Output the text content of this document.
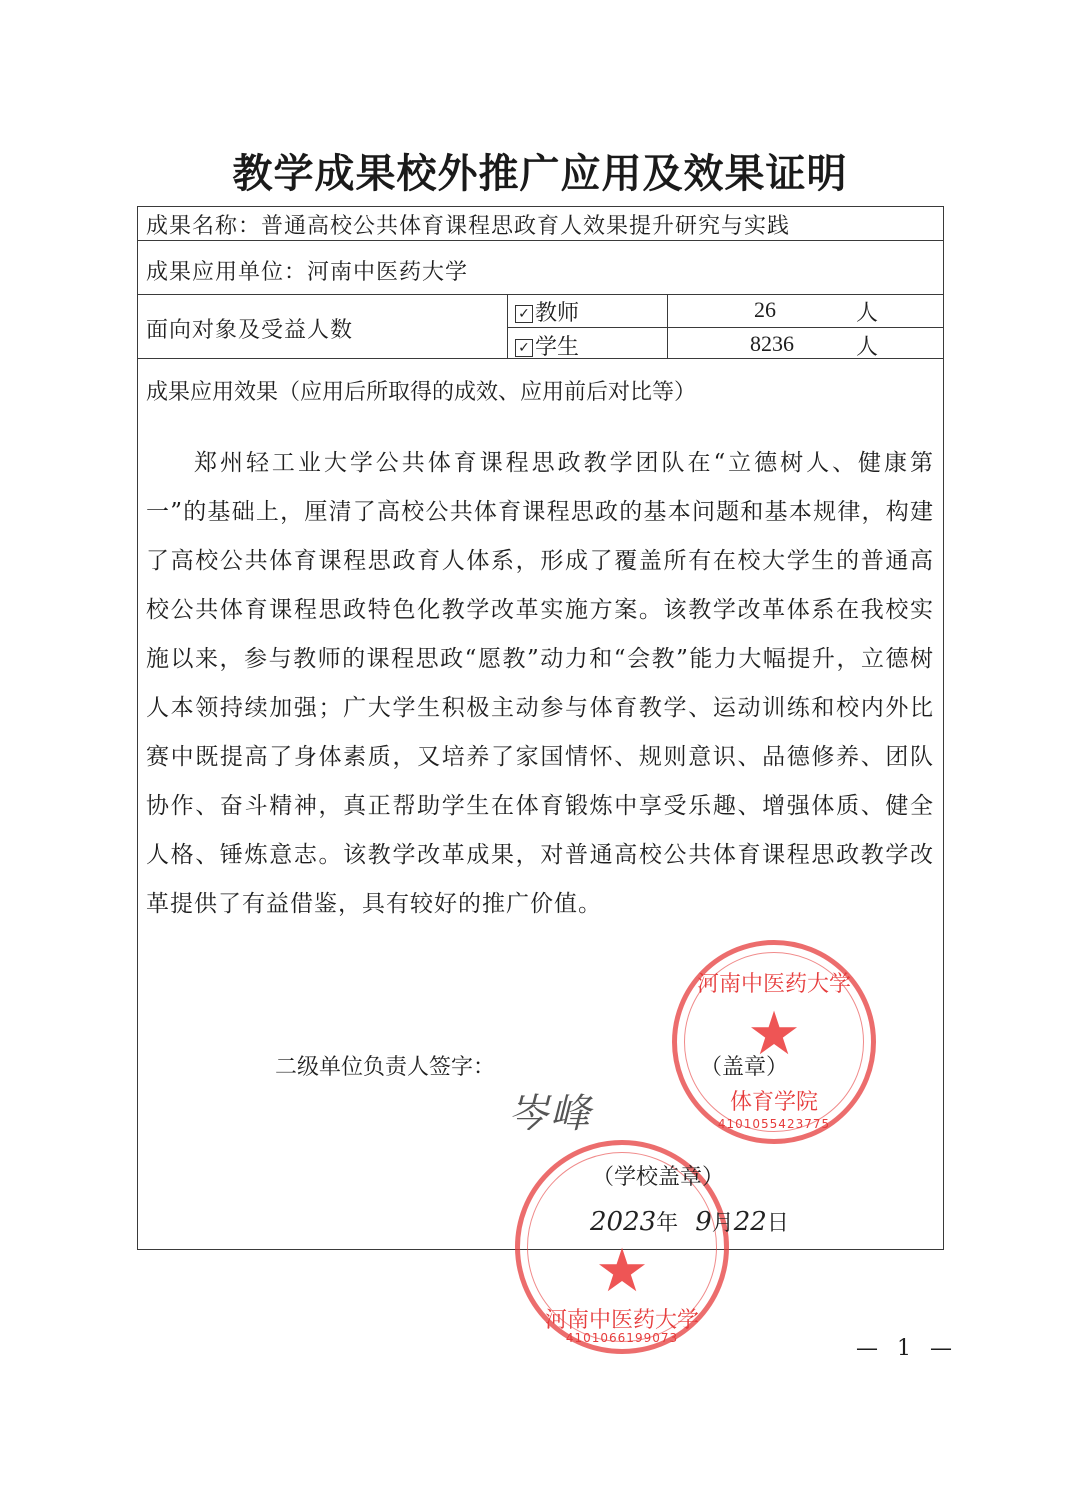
教学成果校外推广应用及效果证明
成果名称：普通高校公共体育课程思政育人效果提升研究与实践
成果应用单位：河南中医药大学
面向对象及受益人数
✓ 教师	26	人
✓ 学生	8236	人
成果应用效果（应用后所取得的成效、应用前后对比等）
郑州轻工业大学公共体育课程思政教学团队在“立德树人、健康第一”的基础上，厘清了高校公共体育课程思政的基本问题和基本规律，构建了高校公共体育课程思政育人体系，形成了覆盖所有在校大学生的普通高校公共体育课程思政特色化教学改革实施方案。该教学改革体系在我校实施以来，参与教师的课程思政“愿教”动力和“会教”能力大幅提升，立德树人本领持续加强；广大学生积极主动参与体育教学、运动训练和校内外比赛中既提高了身体素质，又培养了家国情怀、规则意识、品德修养、团队协作、奋斗精神，真正帮助学生在体育锻炼中享受乐趣、增强体质、健全人格、锤炼意志。该教学改革成果，对普通高校公共体育课程思政教学改革提供了有益借鉴，具有较好的推广价值。
河南中医药大学
★
体育学院
4101055423775
★
河南中医药大学
4101066199073
二级单位负责人签字：
岑峰
（盖章）
（学校盖章）
2023年 9月22日
— 1 —
